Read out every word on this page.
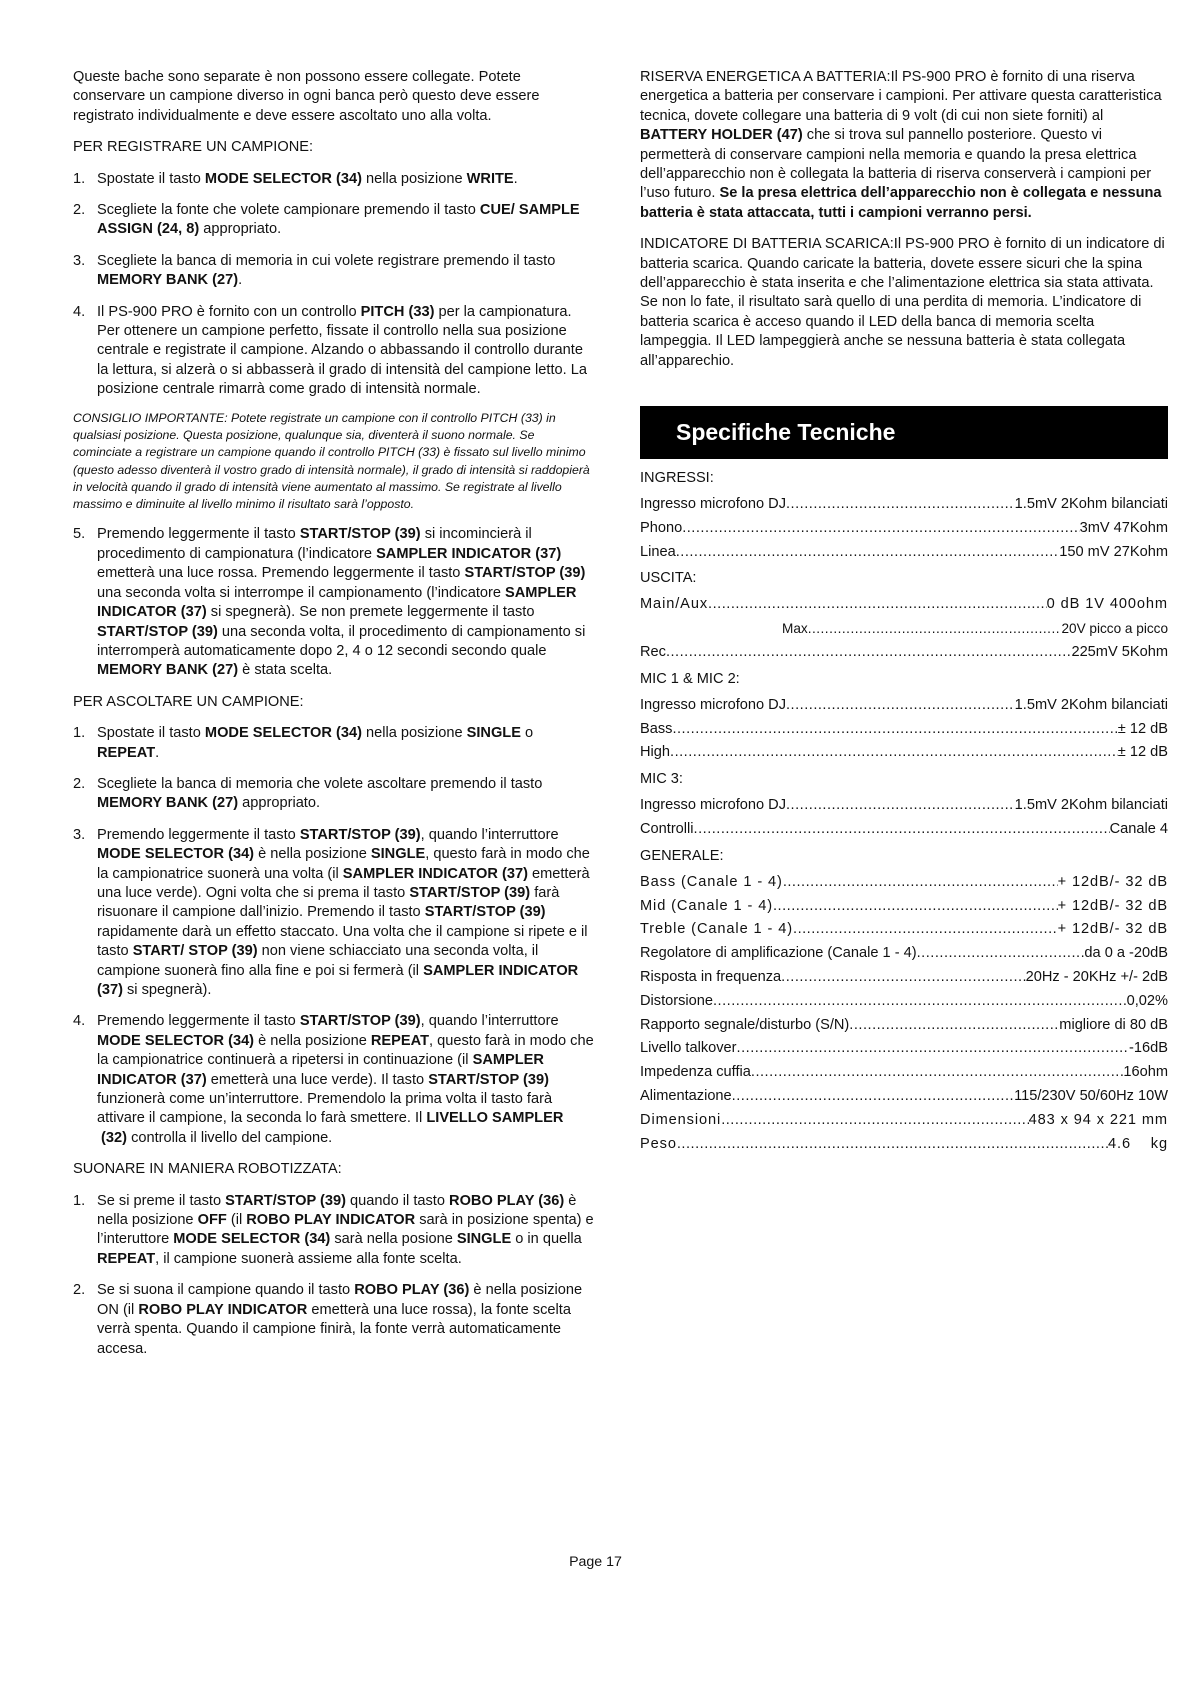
Queste bache sono separate è non possono essere collegate. Potete conservare un campione diverso in ogni banca però questo deve essere registrato individualmente e deve essere ascoltato uno alla volta.

PER REGISTRARE UN CAMPIONE:
1. Spostate il tasto MODE SELECTOR (34) nella posizione WRITE.
2. Scegliete la fonte che volete campionare premendo il tasto CUE/ SAMPLE ASSIGN (24, 8) appropriato.
3. Scegliete la banca di memoria in cui volete registrare premendo il tasto MEMORY BANK (27).
4. Il PS-900 PRO è fornito con un controllo PITCH (33) per la campionatura. Per ottenere un campione perfetto, fissate il controllo nella sua posizione centrale e registrate il campione. Alzando o abbassando il controllo durante la lettura, si alzerà o si abbasserà il grado di intensità del campione letto. La posizione centrale rimarrà come grado di intensità normale.

CONSIGLIO IMPORTANTE: Potete registrate un campione con il controllo PITCH (33) in qualsiasi posizione. Questa posizione, qualunque sia, diventerà il suono normale. Se cominciate a registrare un campione quando il controllo PITCH (33) è fissato sul livello minimo (questo adesso diventerà il vostro grado di intensità normale), il grado di intensità si raddopierà in velocità quando il grado di intensità viene aumentato al massimo. Se registrate al livello massimo e diminuite al livello minimo il risultato sarà l’opposto.

5. Premendo leggermente il tasto START/STOP (39) si incomincierà il procedimento di campionatura (l’indicatore SAMPLER INDICATOR (37) emetterà una luce rossa. Premendo leggermente il tasto START/STOP (39) una seconda volta si interrompe il campionamento (l’indicatore SAMPLER INDICATOR (37) si spegnerà). Se non premete leggermente il tasto START/STOP (39) una seconda volta, il procedimento di campionamento si interromperà automaticamente dopo 2, 4 o 12 secondi secondo quale MEMORY BANK (27) è stata scelta.
PER ASCOLTARE UN CAMPIONE:
1. Spostate il tasto MODE SELECTOR (34) nella posizione SINGLE o REPEAT.
2. Scegliete la banca di memoria che volete ascoltare premendo il tasto MEMORY BANK (27) appropriato.
3. Premendo leggermente il tasto START/STOP (39), quando l’interruttore MODE SELECTOR (34) è nella posizione SINGLE, questo farà in modo che la campionatrice suonerà una volta (il SAMPLER INDICATOR (37) emetterà una luce verde). Ogni volta che si prema il tasto START/STOP (39) farà risuonare il campione dall’inizio. Premendo il tasto START/STOP (39) rapidamente darà un effetto staccato. Una volta che il campione si ripete e il tasto START/ STOP (39) non viene schiacciato una seconda volta, il campione suonerà fino alla fine e poi si fermerà (il SAMPLER INDICATOR (37) si spegnerà).
4. Premendo leggermente il tasto START/STOP (39), quando l’interruttore MODE SELECTOR (34) è nella posizione REPEAT, questo farà in modo che la campionatrice continuerà a ripetersi in continuazione (il SAMPLER INDICATOR (37) emetterà una luce verde). Il tasto START/STOP (39) funzionerà come un’interruttore. Premendolo la prima volta il tasto farà attivare il campione, la seconda lo farà smettere. Il LIVELLO SAMPLER  (32) controlla il livello del campione.
SUONARE IN MANIERA ROBOTIZZATA:
1. Se si preme il tasto START/STOP (39) quando il tasto ROBO PLAY (36) è nella posizione OFF (il ROBO PLAY INDICATOR sarà in posizione spenta) e l’interuttore MODE SELECTOR (34) sarà nella posione SINGLE o in quella REPEAT, il campione suonerà assieme alla fonte scelta.
2. Se si suona il campione quando il tasto ROBO PLAY (36) è nella posizione ON (il ROBO PLAY INDICATOR emetterà una luce rossa), la fonte scelta verrà spenta. Quando il campione finirà, la fonte verrà automaticamente accesa.

RISERVA ENERGETICA A BATTERIA:Il PS-900 PRO è fornito di una riserva energetica a batteria per conservare i campioni. Per attivare questa caratteristica tecnica, dovete collegare una batteria di 9 volt (di cui non siete forniti) al BATTERY HOLDER (47) che si trova sul pannello posteriore. Questo vi permetterà di conservare campioni nella memoria e quando la presa elettrica dell’apparecchio non è collegata la batteria di riserva conserverà i campioni per l’uso futuro. Se la presa elettrica dell’apparecchio non è collegata e nessuna batteria è stata attaccata, tutti i campioni verranno persi.

INDICATORE DI BATTERIA SCARICA:Il PS-900 PRO è fornito di un indicatore di batteria scarica. Quando caricate la batteria, dovete essere sicuri che la spina dell’apparecchio è stata inserita e che l’alimentazione elettrica sia stata attivata. Se non lo fate, il risultato sarà quello di una perdita di memoria. L’indicatore di batteria scarica è acceso quando il LED della banca di memoria scelta lampeggia. Il LED lampeggierà anche se nessuna batteria è stata collegata all’apparechio.

Specifiche Tecniche
INGRESSI:
Ingresso microfono DJ .....	1.5mV 2Kohm bilanciati
Phono .....	3mV 47Kohm
Linea .....	150 mV 27Kohm
USCITA:
Main/Aux .....	0 dB 1V 400ohm
Max .....	20V picco a picco
Rec .....	225mV 5Kohm
MIC 1 & MIC 2:
Ingresso microfono DJ .....	1.5mV 2Kohm bilanciati
Bass .....	± 12 dB
High .....	± 12 dB
MIC 3:
Ingresso microfono DJ .....	1.5mV 2Kohm bilanciati
Controlli .....	Canale 4
GENERALE:
Bass (Canale 1 - 4) .....	+ 12dB/- 32 dB
Mid (Canale 1 - 4) .....	+ 12dB/- 32 dB
Treble (Canale 1 - 4) .....	+ 12dB/- 32 dB
Regolatore di amplificazione (Canale 1 - 4) .....	da 0 a -20dB
Risposta in frequenza .....	20Hz - 20KHz +/- 2dB
Distorsione .....	0,02%
Rapporto segnale/disturbo (S/N) .....	migliore di 80 dB
Livello talkover .....	-16dB
Impedenza cuffia .....	16ohm
Alimentazione .....	115/230V 50/60Hz 10W
Dimensioni .....	483 x 94 x 221 mm
Peso .....	4.6    kg
Page 17
